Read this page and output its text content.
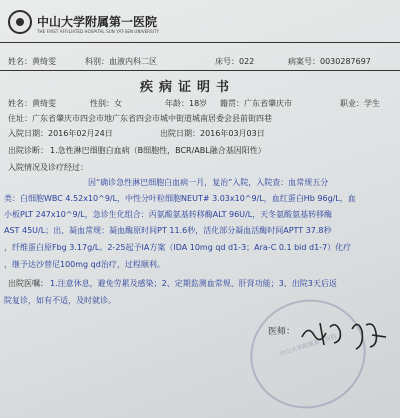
中山大学附属第一医院
THE FIRST AFFILIATED HOSPITAL SUN YAT-SEN UNIVERSITY
姓名：黄绮雯	科别：血液内科二区	床号：022	病案号：0030287697
疾病证明书
姓名：黄绮雯	性别：女	年龄：18岁 籍贯：广东省肇庆市	职业：学生
住址：广东省肇庆市四会市地广东省四会市城中街道城南居委会县前街四巷
入院日期：2016年02月24日	出院日期：2016年03月03日
出院诊断： 1.急性淋巴细胞白血病（B细胞性，BCR/ABL融合基因阳性）
入院情况及诊疗经过：
因“确诊急性淋巴细胞白血病一月，复治”入院，入院查：血常规五分
类：白细胞WBC 4.52x10^9/L，中性分叶粒细胞NEUT# 3.03x10^9/L，血红蛋白Hb 96g/L，血
小板PLT 247x10^9/L，急诊生化组合：丙氨酸氨基转移酶ALT 96U/L，天冬氨酸氨基转移酶
AST 45U/L；出、凝血常规：凝血酶原时间PT 11.6秒，活化部分凝血活酶时间APTT 37.8秒
，纤维蛋白原Fbg 3.17g/L。2-25起予IA方案（IDA 10mg qd d1-3；Ara-C 0.1 bid d1-7）化疗
，继予达沙替尼100mg qd治疗，过程顺利。
出院医嘱： 1.注意休息，避免劳累及感染；2、定期监测血常规、肝肾功能；3、出院3天后返
院复诊，如有不适，及时就诊。
中山大学附属第一医院
医师：
